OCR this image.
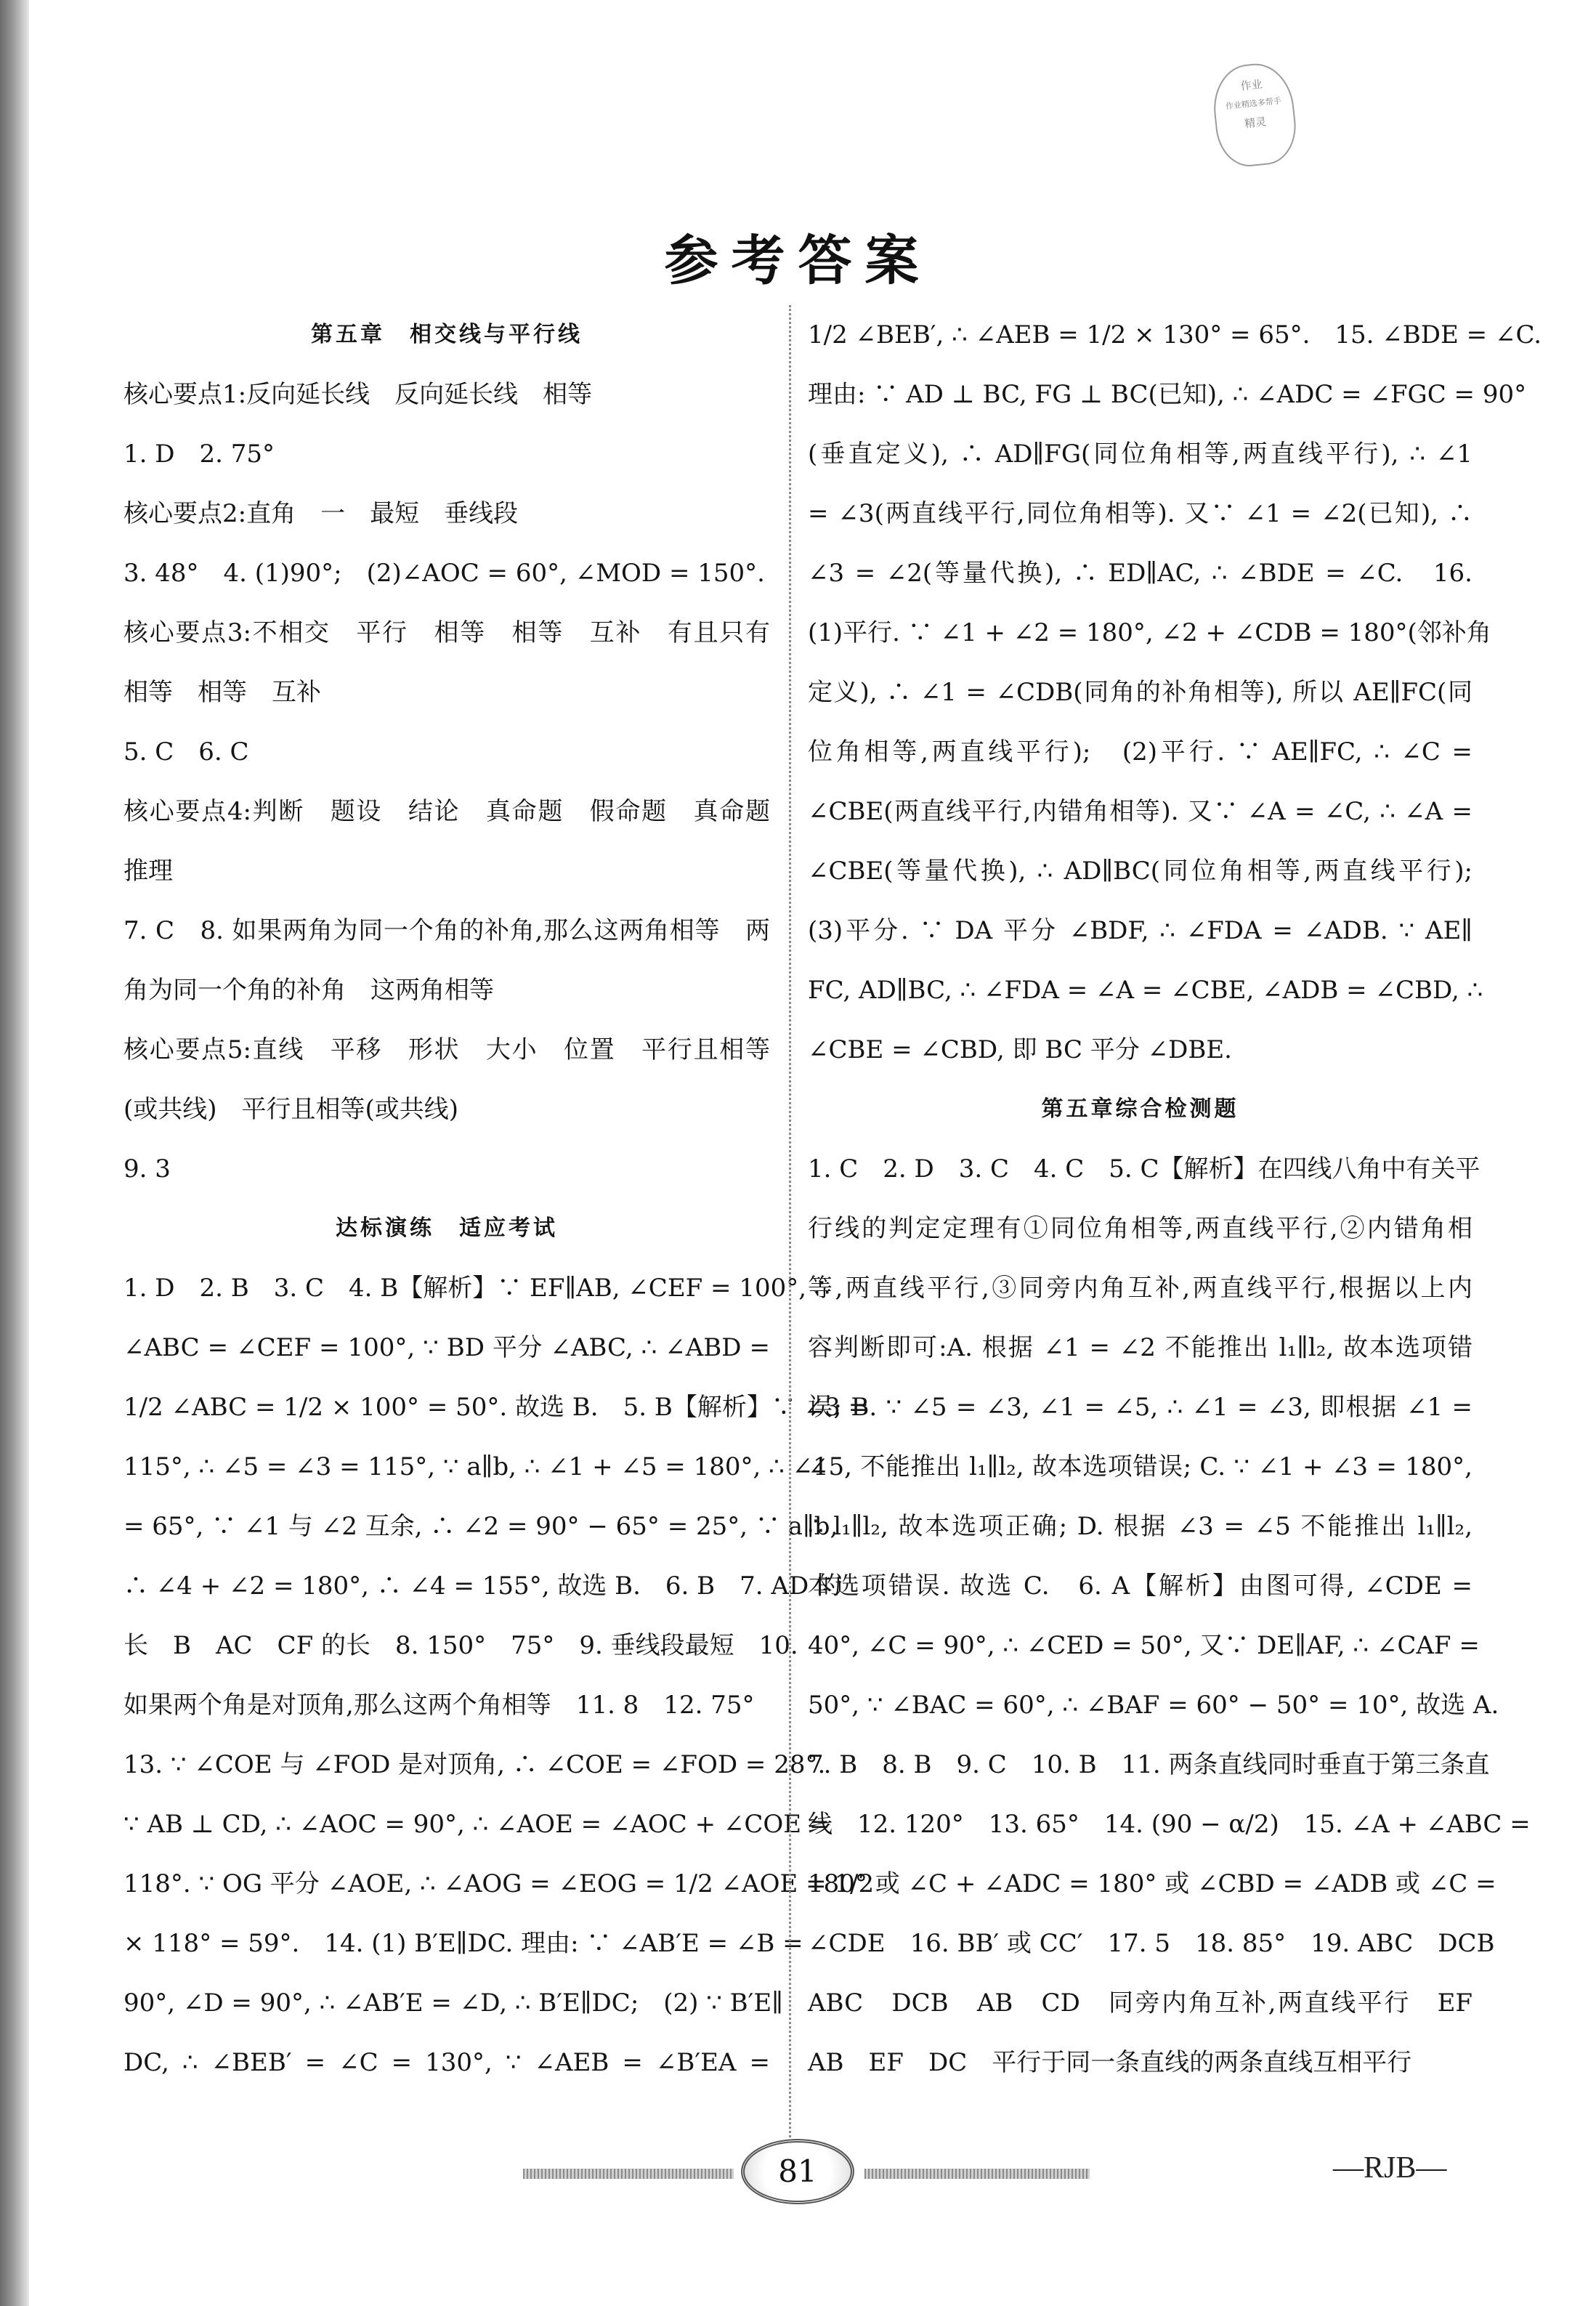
作业
作业精选多帮手
精灵
参考答案

第五章　相交线与平行线

核心要点1:反向延长线　反向延长线　相等

1. D　2. 75°

核心要点2:直角　一　最短　垂线段

3. 48°　4. (1)90°;　(2)∠AOC = 60°, ∠MOD = 150°.

核心要点3:不相交　平行　相等　相等　互补　有且只有

相等　相等　互补

5. C　6. C

核心要点4:判断　题设　结论　真命题　假命题　真命题

推理

7. C　8. 如果两角为同一个角的补角,那么这两角相等　两

角为同一个角的补角　这两角相等

核心要点5:直线　平移　形状　大小　位置　平行且相等

(或共线)　平行且相等(或共线)

9. 3

达标演练　适应考试

1. D　2. B　3. C　4. B【解析】∵ EF∥AB, ∠CEF = 100°, ∴

∠ABC = ∠CEF = 100°, ∵ BD 平分 ∠ABC, ∴ ∠ABD =

1/2 ∠ABC = 1/2 × 100° = 50°. 故选 B.　5. B【解析】∵ ∠3 =

115°, ∴ ∠5 = ∠3 = 115°, ∵ a∥b, ∴ ∠1 + ∠5 = 180°, ∴ ∠1

= 65°, ∵ ∠1 与 ∠2 互余, ∴ ∠2 = 90° − 65° = 25°, ∵ a∥b,

∴ ∠4 + ∠2 = 180°, ∴ ∠4 = 155°, 故选 B.　6. B　7. AD 的

长　B　AC　CF 的长　8. 150°　75°　9. 垂线段最短　10.

如果两个角是对顶角,那么这两个角相等　11. 8　12. 75°

13. ∵ ∠COE 与 ∠FOD 是对顶角, ∴ ∠COE = ∠FOD = 28°.

∵ AB ⊥ CD, ∴ ∠AOC = 90°, ∴ ∠AOE = ∠AOC + ∠COE =

118°. ∵ OG 平分 ∠AOE, ∴ ∠AOG = ∠EOG = 1/2 ∠AOE = 1/2

× 118° = 59°.　14. (1) B′E∥DC. 理由: ∵ ∠AB′E = ∠B =

90°, ∠D = 90°, ∴ ∠AB′E = ∠D, ∴ B′E∥DC;　(2) ∵ B′E∥

DC, ∴ ∠BEB′ = ∠C = 130°, ∵ ∠AEB = ∠B′EA =

1/2 ∠BEB′, ∴ ∠AEB = 1/2 × 130° = 65°.　15. ∠BDE = ∠C.

理由: ∵ AD ⊥ BC, FG ⊥ BC(已知), ∴ ∠ADC = ∠FGC = 90°

(垂直定义), ∴ AD∥FG(同位角相等,两直线平行), ∴ ∠1

= ∠3(两直线平行,同位角相等). 又∵ ∠1 = ∠2(已知), ∴

∠3 = ∠2(等量代换), ∴ ED∥AC, ∴ ∠BDE = ∠C.　16.

(1)平行. ∵ ∠1 + ∠2 = 180°, ∠2 + ∠CDB = 180°(邻补角

定义), ∴ ∠1 = ∠CDB(同角的补角相等), 所以 AE∥FC(同

位角相等,两直线平行);　(2)平行. ∵ AE∥FC, ∴ ∠C =

∠CBE(两直线平行,内错角相等). 又∵ ∠A = ∠C, ∴ ∠A =

∠CBE(等量代换), ∴ AD∥BC(同位角相等,两直线平行);

(3)平分. ∵ DA 平分 ∠BDF, ∴ ∠FDA = ∠ADB. ∵ AE∥

FC, AD∥BC, ∴ ∠FDA = ∠A = ∠CBE, ∠ADB = ∠CBD, ∴

∠CBE = ∠CBD, 即 BC 平分 ∠DBE.

第五章综合检测题

1. C　2. D　3. C　4. C　5. C【解析】在四线八角中有关平

行线的判定定理有①同位角相等,两直线平行,②内错角相

等,两直线平行,③同旁内角互补,两直线平行,根据以上内

容判断即可:A. 根据 ∠1 = ∠2 不能推出 l₁∥l₂, 故本选项错

误; B. ∵ ∠5 = ∠3, ∠1 = ∠5, ∴ ∠1 = ∠3, 即根据 ∠1 =

∠5, 不能推出 l₁∥l₂, 故本选项错误; C. ∵ ∠1 + ∠3 = 180°,

∴ l₁∥l₂, 故本选项正确; D. 根据 ∠3 = ∠5 不能推出 l₁∥l₂,

本选项错误. 故选 C.　6. A【解析】由图可得, ∠CDE =

40°, ∠C = 90°, ∴ ∠CED = 50°, 又∵ DE∥AF, ∴ ∠CAF =

50°, ∵ ∠BAC = 60°, ∴ ∠BAF = 60° − 50° = 10°, 故选 A.

7. B　8. B　9. C　10. B　11. 两条直线同时垂直于第三条直

线　12. 120°　13. 65°　14. (90 − α/2)　15. ∠A + ∠ABC =

180° 或 ∠C + ∠ADC = 180° 或 ∠CBD = ∠ADB 或 ∠C =

∠CDE　16. BB′ 或 CC′　17. 5　18. 85°　19. ABC　DCB

ABC　DCB　AB　CD　同旁内角互补,两直线平行　EF

AB　EF　DC　平行于同一条直线的两条直线互相平行

81	—RJB—
